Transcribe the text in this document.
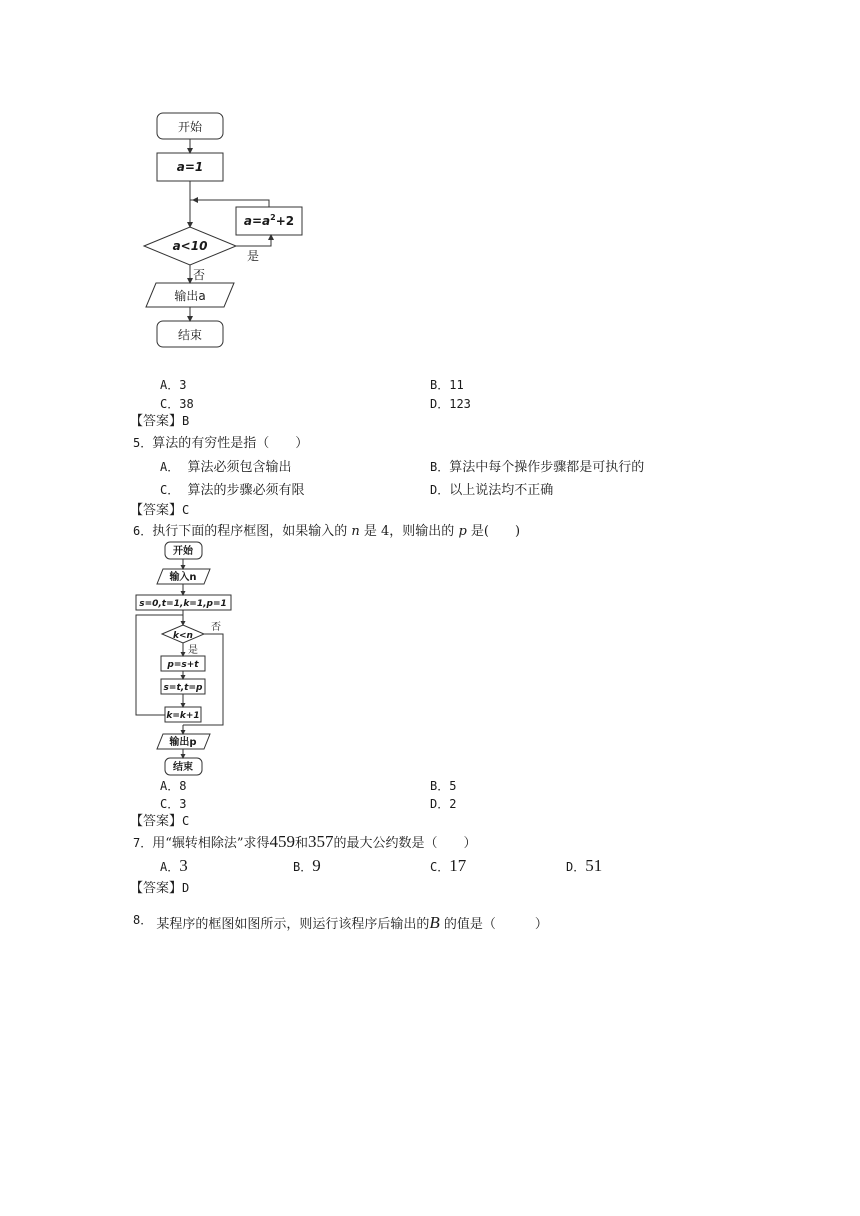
开始
a=1
$a=a^2+2$
a<10
是
否
输出a
结束
A．3	B．11
C．38	D．123
【答案】B
5．算法的有穷性是指（　　）
A． 算法必须包含输出	B．算法中每个操作步骤都是可执行的
C． 算法的步骤必须有限	D．以上说法均不正确
【答案】C
6．执行下面的程序框图，如果输入的 n 是 4，则输出的 p 是(　　)
开始
输入n
s=0,t=1,k=1,p=1
k<n
否
是
p=s+t
s=t,t=p
k=k+1
输出p
结束
A．8	B．5
C．3	D．2
【答案】C
7．用“辗转相除法”求得459和357的最大公约数是（　　）
A．3	B．9	C．17	D．51
【答案】D
8． 某程序的框图如图所示，则运行该程序后输出的B 的值是（　　　）
